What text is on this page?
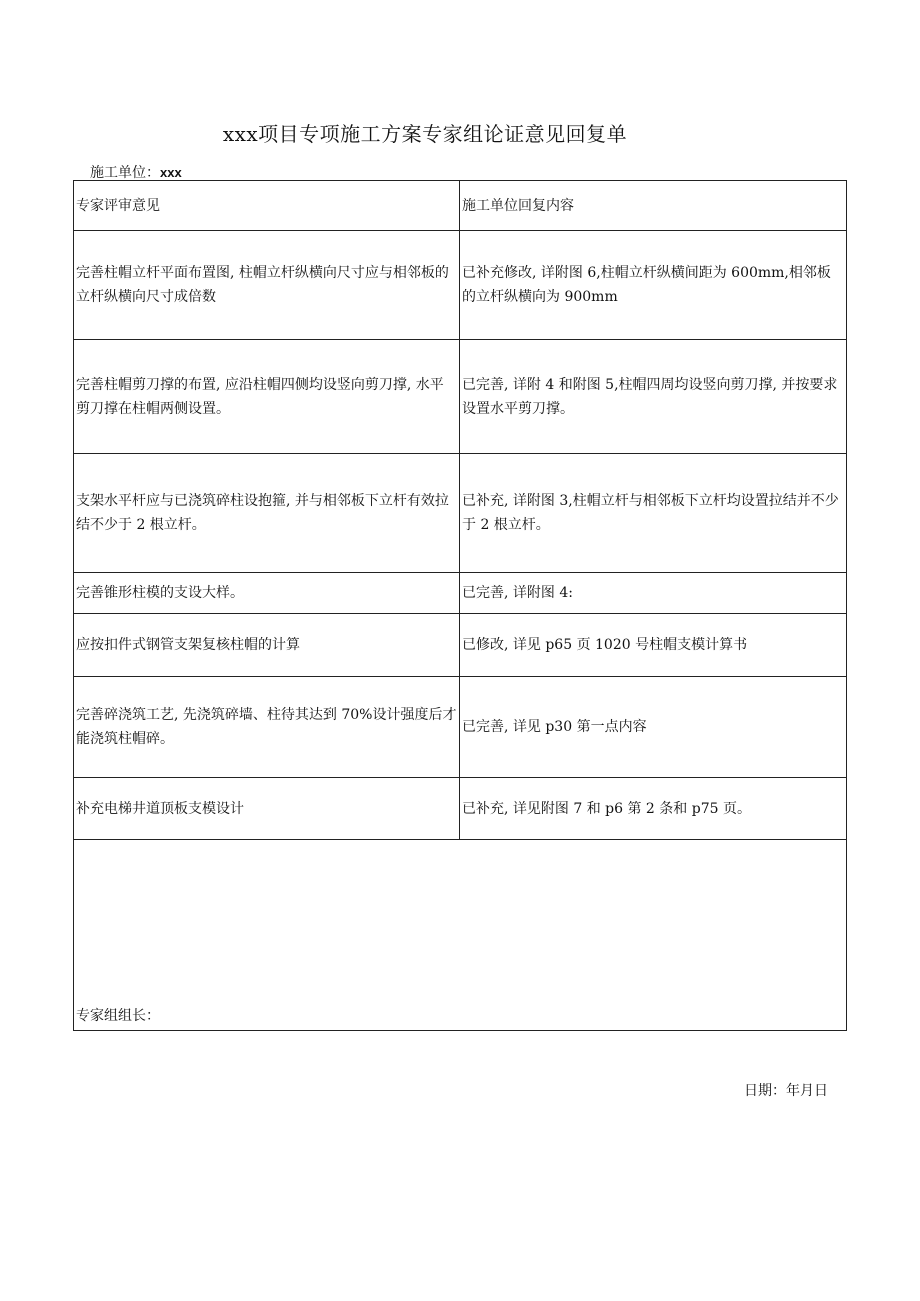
xxx项目专项施工方案专家组论证意见回复单
施工单位：xxx
专家评审意见	施工单位回复内容
完善柱帽立杆平面布置图, 柱帽立杆纵横向尺寸应与相邻板的立杆纵横向尺寸成倍数	已补充修改, 详附图 6,柱帽立杆纵横间距为 600mm,相邻板的立杆纵横向为 900mm
完善柱帽剪刀撑的布置, 应沿柱帽四侧均设竖向剪刀撑, 水平剪刀撑在柱帽两侧设置。	已完善, 详附 4 和附图 5,柱帽四周均设竖向剪刀撑, 并按要求设置水平剪刀撑。
支架水平杆应与已浇筑碎柱设抱箍, 并与相邻板下立杆有效拉结不少于 2 根立杆。	已补充, 详附图 3,柱帽立杆与相邻板下立杆均设置拉结并不少于 2 根立杆。
完善锥形柱模的支设大样。	已完善, 详附图 4:
应按扣件式钢管支架复核柱帽的计算	已修改, 详见 p65 页 1020 号柱帽支模计算书
完善碎浇筑工艺, 先浇筑碎墙、柱待其达到 70%设计强度后才能浇筑柱帽碎。	已完善, 详见 p30 第一点内容
补充电梯井道顶板支模设计	已补充, 详见附图 7 和 p6 第 2 条和 p75 页。
专家组组长：	
日期：年月日
